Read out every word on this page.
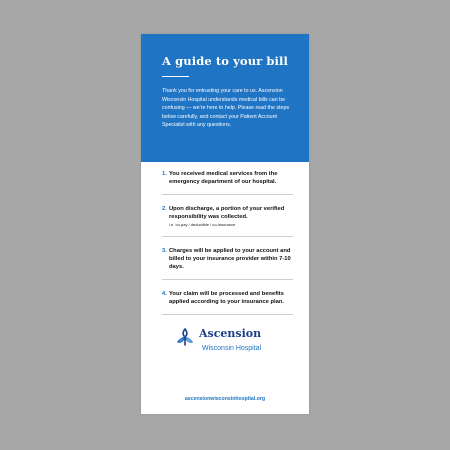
A guide to your bill

Thank you for entrusting your care to us. Ascension Wisconsin Hospital understands medical bills can be confusing — we're here to help. Please read the steps below carefully, and contact your Patient Account Specialist with any questions.

1. You received medical services from the emergency department of our hospital.

2. Upon discharge, a portion of your verified responsibility was collected.

i.e. co-pay / deductible / co-insurance

3. Charges will be applied to your account and billed to your insurance provider within 7-10 days.

4. Your claim will be processed and benefits applied according to your insurance plan.

Ascension
Wisconsin Hospital
ascensionwisconsinhospital.org
